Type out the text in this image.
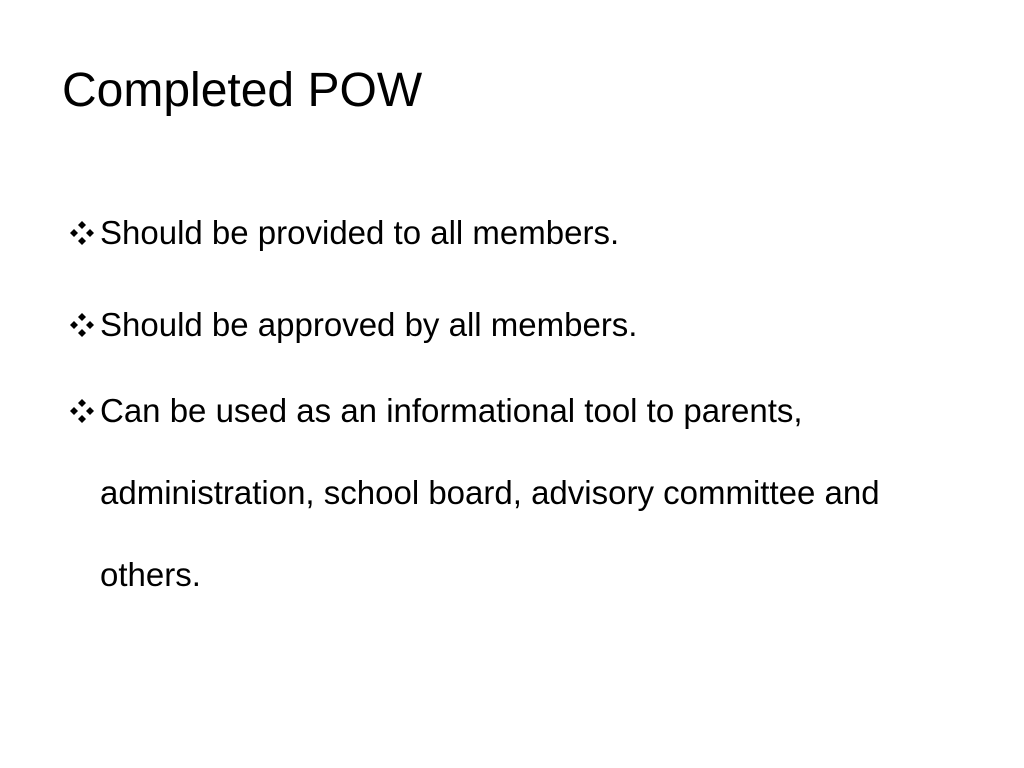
Completed POW
Should be provided to all members.
Should be approved by all members.
Can be used as an informational tool to parents, administration, school board, advisory committee and others.
